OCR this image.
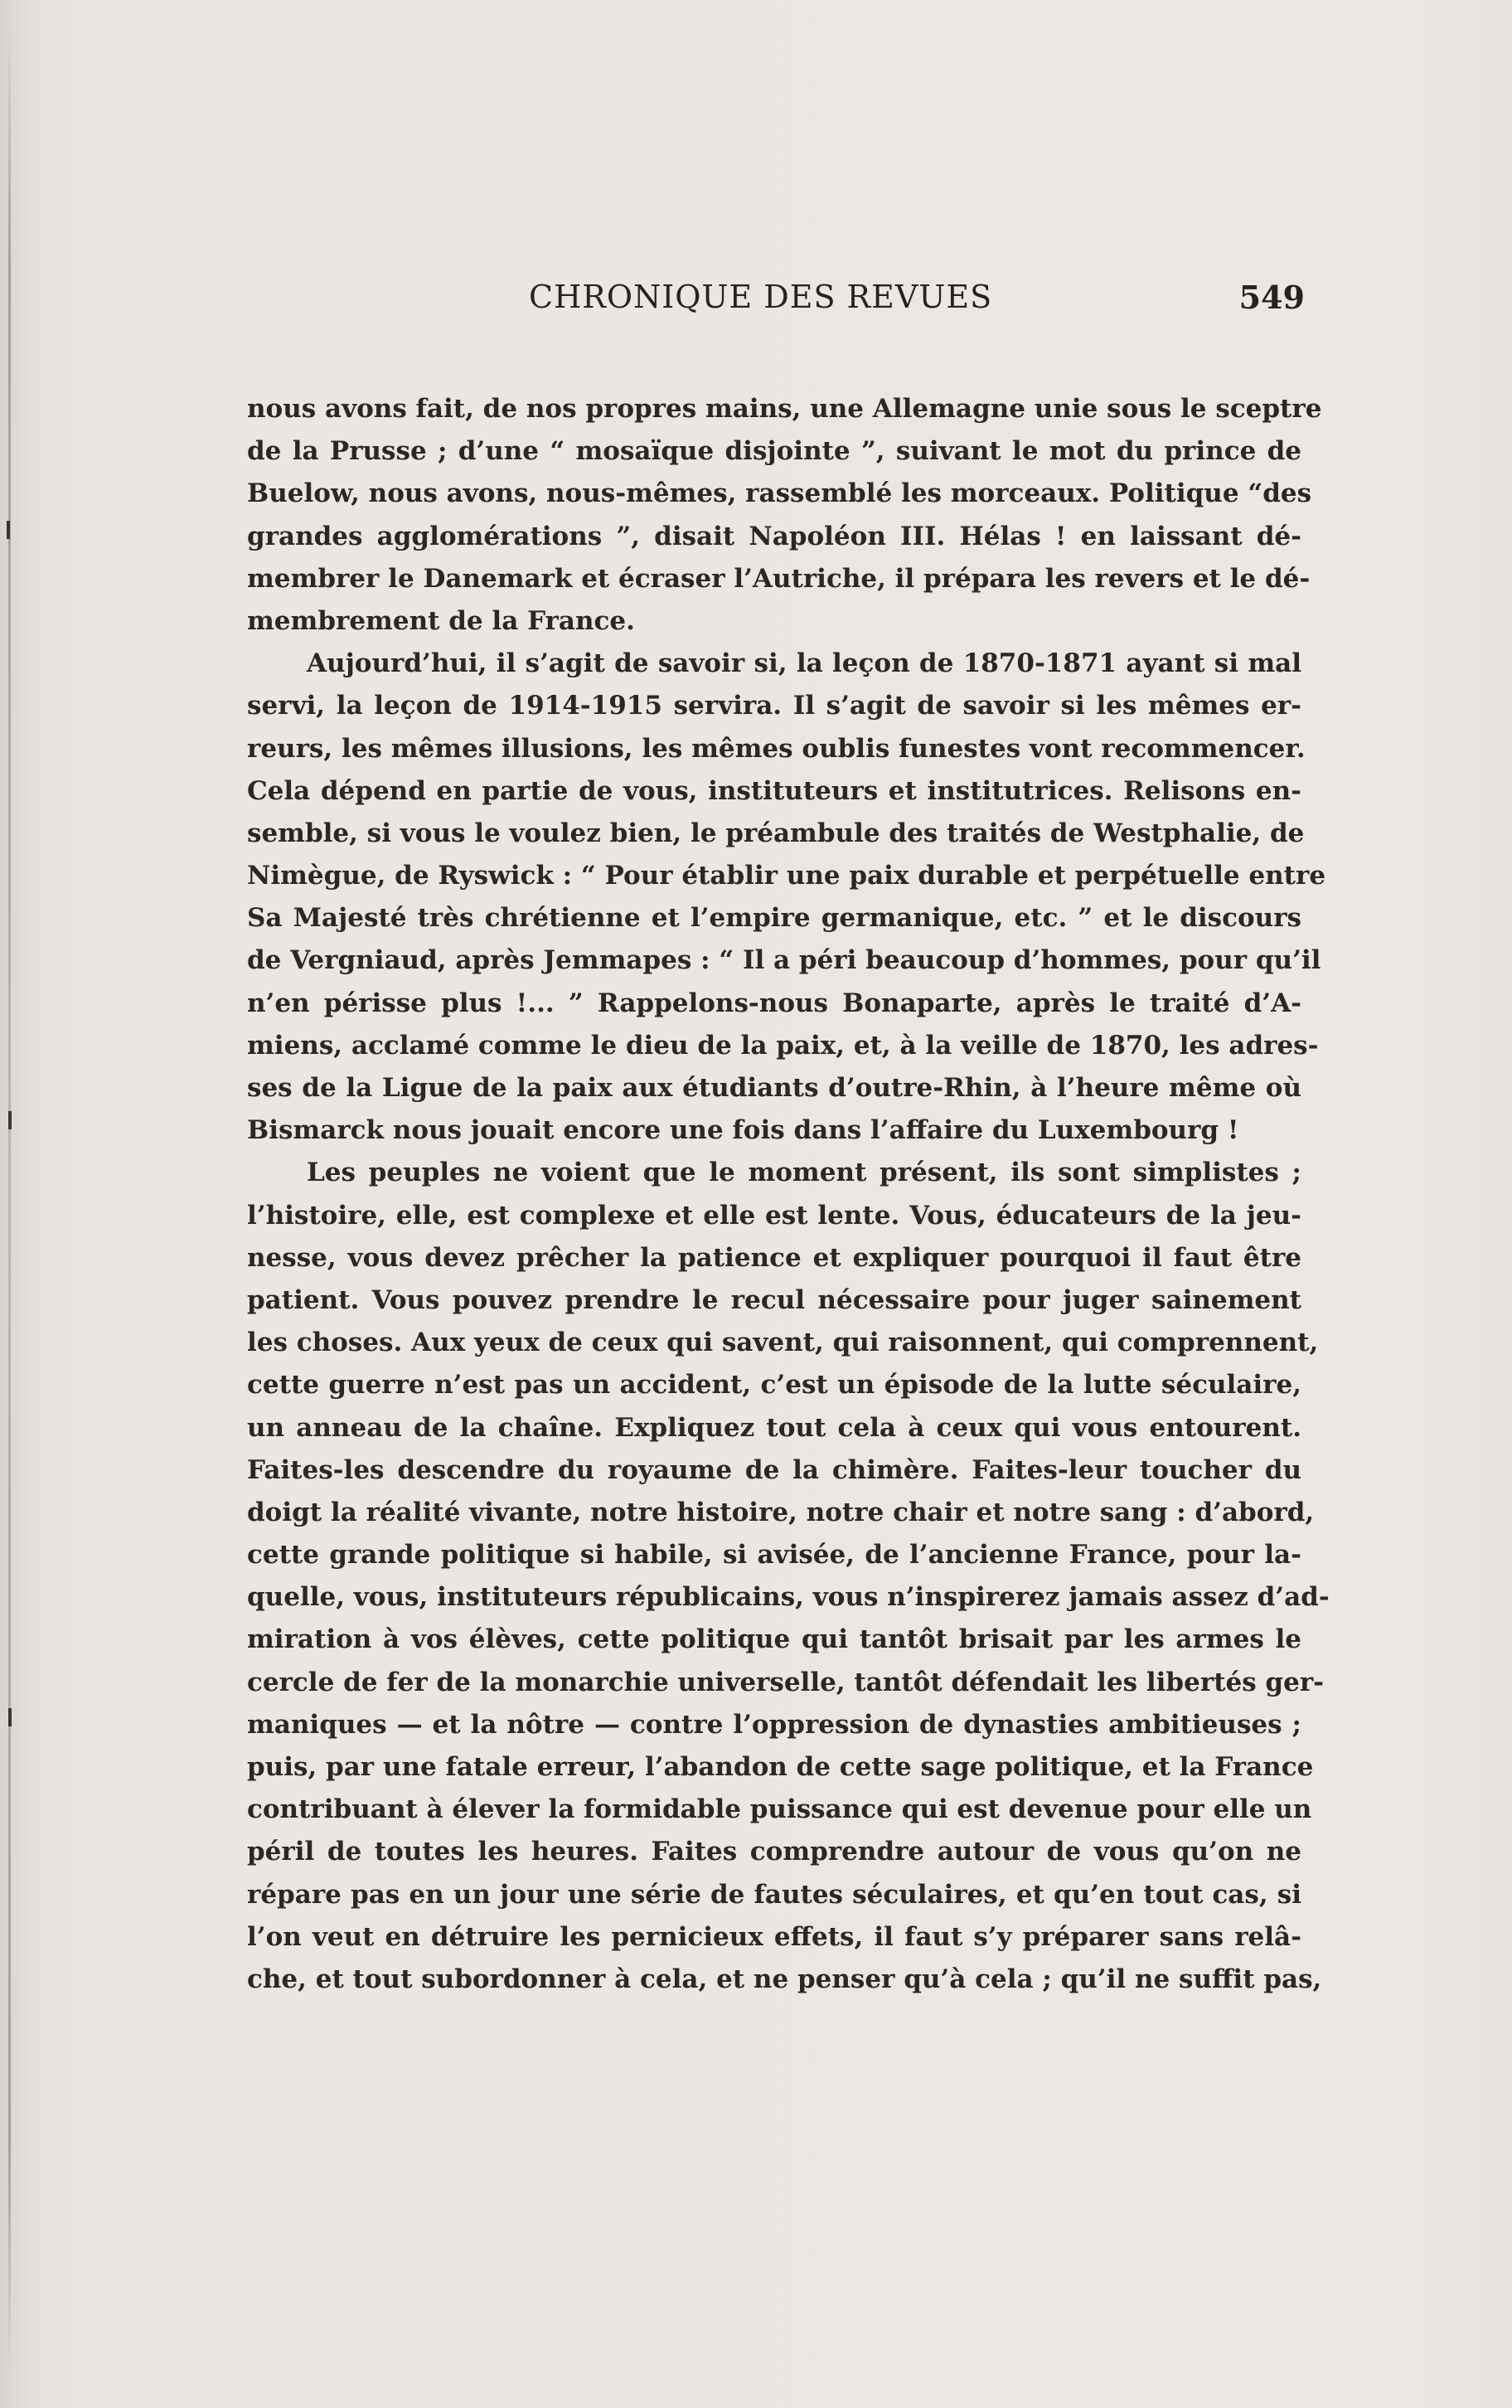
CHRONIQUE DES REVUES	549
nous avons fait, de nos propres mains, une Allemagne unie sous le sceptre
de la Prusse ; d’une “ mosaïque disjointe ”, suivant le mot du prince de
Buelow, nous avons, nous-mêmes, rassemblé les morceaux. Politique “des
grandes agglomérations ”, disait Napoléon III. Hélas ! en laissant dé-
membrer le Danemark et écraser l’Autriche, il prépara les revers et le dé-
membrement de la France.
Aujourd’hui, il s’agit de savoir si, la leçon de 1870-1871 ayant si mal
servi, la leçon de 1914-1915 servira. Il s’agit de savoir si les mêmes er-
reurs, les mêmes illusions, les mêmes oublis funestes vont recommencer.
Cela dépend en partie de vous, instituteurs et institutrices. Relisons en-
semble, si vous le voulez bien, le préambule des traités de Westphalie, de
Nimègue, de Ryswick : “ Pour établir une paix durable et perpétuelle entre
Sa Majesté très chrétienne et l’empire germanique, etc. ” et le discours
de Vergniaud, après Jemmapes : “ Il a péri beaucoup d’hommes, pour qu’il
n’en périsse plus !... ” Rappelons-nous Bonaparte, après le traité d’A-
miens, acclamé comme le dieu de la paix, et, à la veille de 1870, les adres-
ses de la Ligue de la paix aux étudiants d’outre-Rhin, à l’heure même où
Bismarck nous jouait encore une fois dans l’affaire du Luxembourg !
Les peuples ne voient que le moment présent, ils sont simplistes ;
l’histoire, elle, est complexe et elle est lente. Vous, éducateurs de la jeu-
nesse, vous devez prêcher la patience et expliquer pourquoi il faut être
patient. Vous pouvez prendre le recul nécessaire pour juger sainement
les choses. Aux yeux de ceux qui savent, qui raisonnent, qui comprennent,
cette guerre n’est pas un accident, c’est un épisode de la lutte séculaire,
un anneau de la chaîne. Expliquez tout cela à ceux qui vous entourent.
Faites-les descendre du royaume de la chimère. Faites-leur toucher du
doigt la réalité vivante, notre histoire, notre chair et notre sang : d’abord,
cette grande politique si habile, si avisée, de l’ancienne France, pour la-
quelle, vous, instituteurs républicains, vous n’inspirerez jamais assez d’ad-
miration à vos élèves, cette politique qui tantôt brisait par les armes le
cercle de fer de la monarchie universelle, tantôt défendait les libertés ger-
maniques — et la nôtre — contre l’oppression de dynasties ambitieuses ;
puis, par une fatale erreur, l’abandon de cette sage politique, et la France
contribuant à élever la formidable puissance qui est devenue pour elle un
péril de toutes les heures. Faites comprendre autour de vous qu’on ne
répare pas en un jour une série de fautes séculaires, et qu’en tout cas, si
l’on veut en détruire les pernicieux effets, il faut s’y préparer sans relâ-
che, et tout subordonner à cela, et ne penser qu’à cela ; qu’il ne suffit pas,
